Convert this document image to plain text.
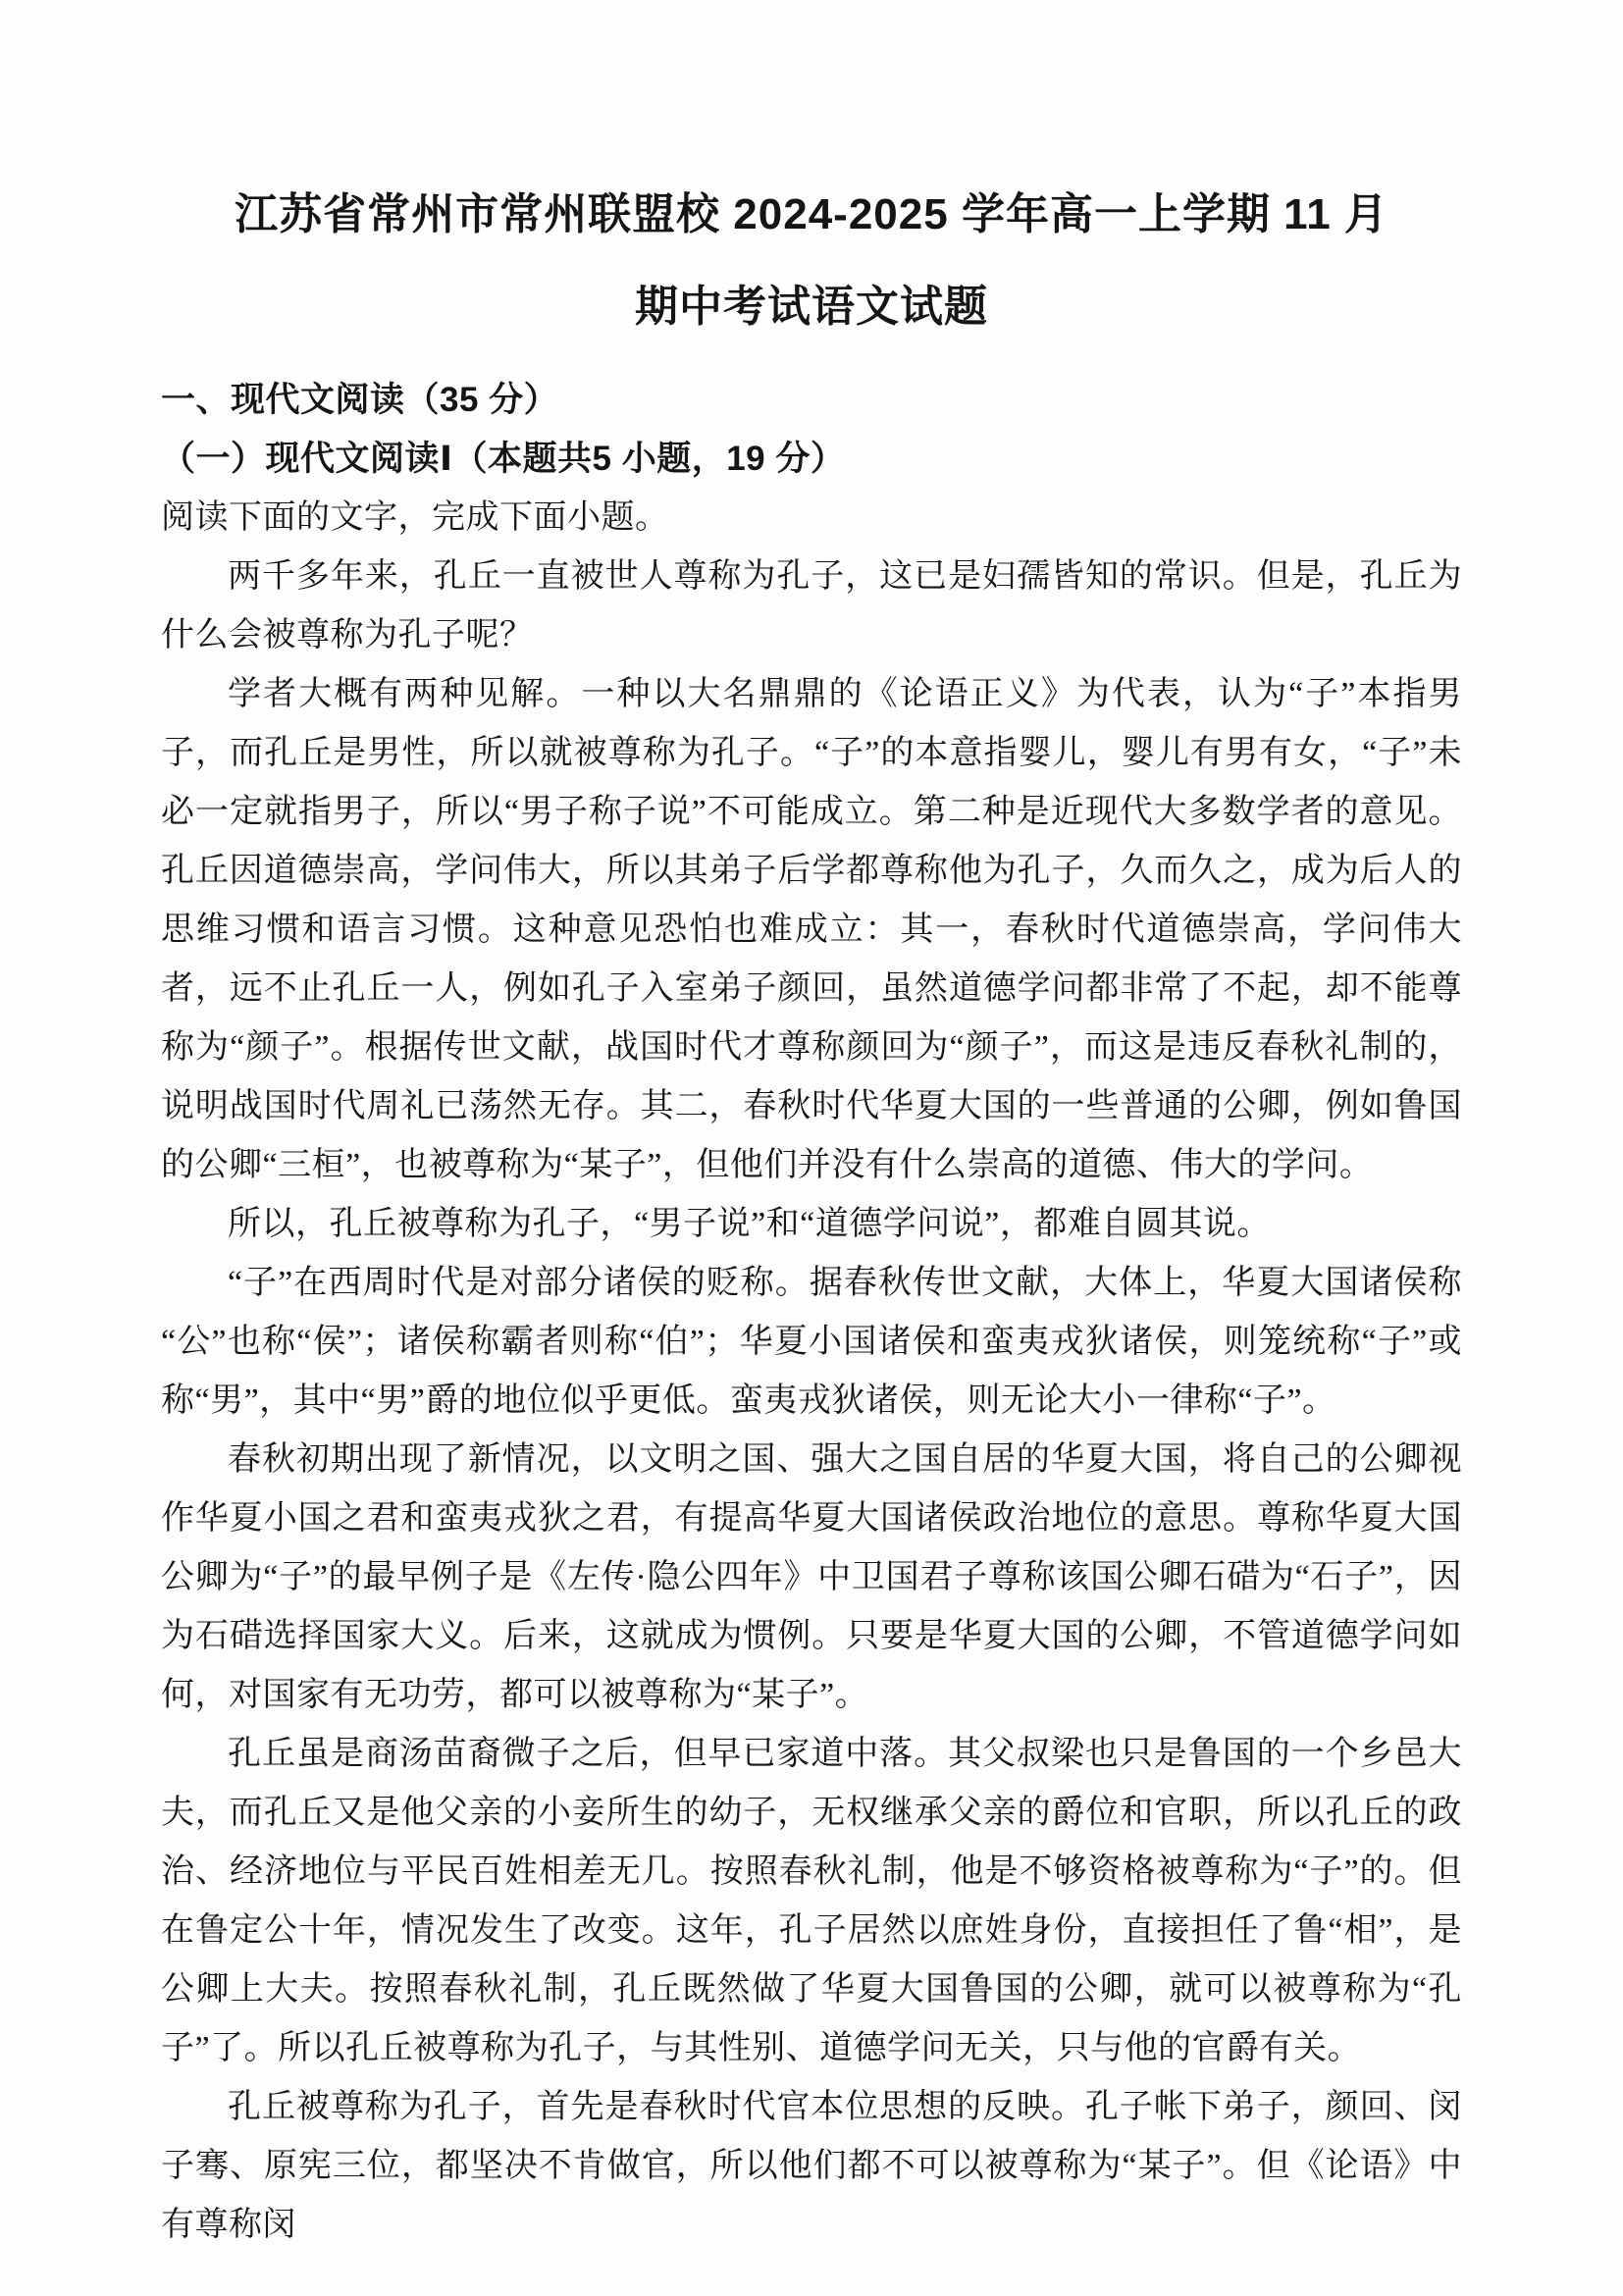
江苏省常州市常州联盟校 2024-2025 学年高一上学期 11 月
期中考试语文试题
一、现代文阅读（35 分）
（一）现代文阅读Ⅰ（本题共5 小题，19 分）

阅读下面的文字，完成下面小题。

两千多年来，孔丘一直被世人尊称为孔子，这已是妇孺皆知的常识。但是，孔丘为什么会被尊称为孔子呢？

学者大概有两种见解。一种以大名鼎鼎的《论语正义》为代表，认为“子”本指男子，而孔丘是男性，所以就被尊称为孔子。“子”的本意指婴儿，婴儿有男有女，“子”未必一定就指男子，所以“男子称子说”不可能成立。第二种是近现代大多数学者的意见。孔丘因道德崇高，学问伟大，所以其弟子后学都尊称他为孔子，久而久之，成为后人的思维习惯和语言习惯。这种意见恐怕也难成立：其一，春秋时代道德崇高，学问伟大者，远不止孔丘一人，例如孔子入室弟子颜回，虽然道德学问都非常了不起，却不能尊称为“颜子”。根据传世文献，战国时代才尊称颜回为“颜子”，而这是违反春秋礼制的，说明战国时代周礼已荡然无存。其二，春秋时代华夏大国的一些普通的公卿，例如鲁国的公卿“三桓”，也被尊称为“某子”，但他们并没有什么崇高的道德、伟大的学问。

所以，孔丘被尊称为孔子，“男子说”和“道德学问说”，都难自圆其说。

“子”在西周时代是对部分诸侯的贬称。据春秋传世文献，大体上，华夏大国诸侯称“公”也称“侯”；诸侯称霸者则称“伯”；华夏小国诸侯和蛮夷戎狄诸侯，则笼统称“子”或称“男”，其中“男”爵的地位似乎更低。蛮夷戎狄诸侯，则无论大小一律称“子”。

春秋初期出现了新情况，以文明之国、强大之国自居的华夏大国，将自己的公卿视作华夏小国之君和蛮夷戎狄之君，有提高华夏大国诸侯政治地位的意思。尊称华夏大国公卿为“子”的最早例子是《左传·隐公四年》中卫国君子尊称该国公卿石碏为“石子”，因为石碏选择国家大义。后来，这就成为惯例。只要是华夏大国的公卿，不管道德学问如何，对国家有无功劳，都可以被尊称为“某子”。

孔丘虽是商汤苗裔微子之后，但早已家道中落。其父叔梁也只是鲁国的一个乡邑大夫，而孔丘又是他父亲的小妾所生的幼子，无权继承父亲的爵位和官职，所以孔丘的政治、经济地位与平民百姓相差无几。按照春秋礼制，他是不够资格被尊称为“子”的。但在鲁定公十年，情况发生了改变。这年，孔子居然以庶姓身份，直接担任了鲁“相”，是公卿上大夫。按照春秋礼制，孔丘既然做了华夏大国鲁国的公卿，就可以被尊称为“孔子”了。所以孔丘被尊称为孔子，与其性别、道德学问无关，只与他的官爵有关。

孔丘被尊称为孔子，首先是春秋时代官本位思想的反映。孔子帐下弟子，颜回、闵子骞、原宪三位，都坚决不肯做官，所以他们都不可以被尊称为“某子”。但《论语》中有尊称闵
